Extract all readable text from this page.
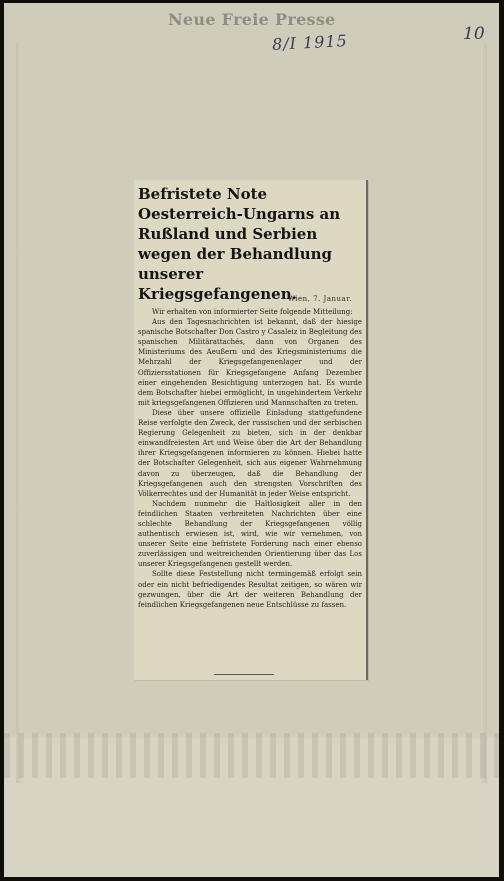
Neue Freie Presse
8/I 1915	10
Befristete Note Oesterreich-Ungarns an Rußland und Serbien wegen der Behandlung unserer Kriegsgefangenen.
Wien, 7. Januar.

Wir erhalten von informierter Seite folgende Mitteilung:

Aus den Tagesnachrichten ist bekannt, daß der hiesige spanische Botschafter Don Castro y Casaleiz in Begleitung des spanischen Militärattachés, dann von Organen des Ministeriums des Aeußern und des Kriegsministeriums die Mehrzahl der Kriegsgefangenenlager und der Offiziersstationen für Kriegsgefangene Anfang Dezember einer eingehenden Besichtigung unterzogen hat. Es wurde dem Botschafter hiebei ermöglicht, in ungehindertem Verkehr mit kriegsgefangenen Offizieren und Mannschaften zu treten.

Diese über unsere offizielle Einladung stattgefundene Reise verfolgte den Zweck, der russischen und der serbischen Regierung Gelegenheit zu bieten, sich in der denkbar einwandfreiesten Art und Weise über die Art der Behandlung ihrer Kriegsgefangenen informieren zu können. Hiebei hatte der Botschafter Gelegenheit, sich aus eigener Wahrnehmung davon zu überzeugen, daß die Behandlung der Kriegsgefangenen auch den strengsten Vorschriften des Völkerrechtes und der Humanität in jeder Weise entspricht.

Nachdem nunmehr die Haltlosigkeit aller in den feindlichen Staaten verbreiteten Nachrichten über eine schlechte Behandlung der Kriegsgefangenen völlig authentisch erwiesen ist, wird, wie wir vernehmen, von unserer Seite eine befristete Forderung nach einer ebenso zuverlässigen und weitreichenden Orientierung über das Los unserer Kriegsgefangenen gestellt werden.

Sollte diese Feststellung nicht termingemäß erfolgt sein oder ein nicht befriedigendes Resultat zeitigen, so wären wir gezwungen, über die Art der weiteren Behandlung der feindlichen Kriegsgefangenen neue Entschlüsse zu fassen.
